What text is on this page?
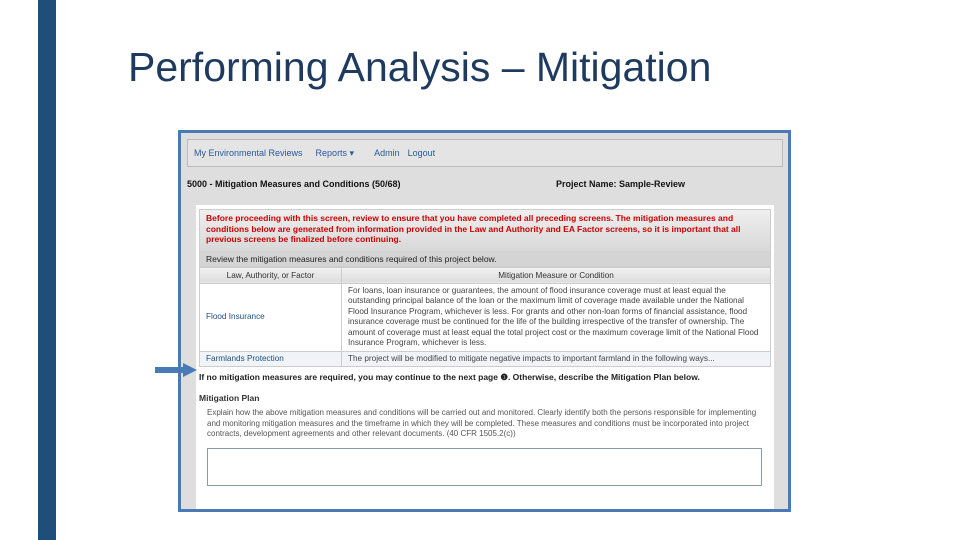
Performing Analysis – Mitigation
My Environmental Reviews Reports ▾ Admin Logout
5000 - Mitigation Measures and Conditions (50/68)	Project Name: Sample-Review
Before proceeding with this screen, review to ensure that you have completed all preceding screens. The mitigation measures and conditions below are generated from information provided in the Law and Authority and EA Factor screens, so it is important that all previous screens be finalized before continuing.
Review the mitigation measures and conditions required of this project below.
Law, Authority, or Factor	Mitigation Measure or Condition
Flood Insurance	For loans, loan insurance or guarantees, the amount of flood insurance coverage must at least equal the outstanding principal balance of the loan or the maximum limit of coverage made available under the National Flood Insurance Program, whichever is less. For grants and other non-loan forms of financial assistance, flood insurance coverage must be continued for the life of the building irrespective of the transfer of ownership. The amount of coverage must at least equal the total project cost or the maximum coverage limit of the National Flood Insurance Program, whichever is less.
Farmlands Protection	The project will be modified to mitigate negative impacts to important farmland in the following ways...
If no mitigation measures are required, you may continue to the next page ❶. Otherwise, describe the Mitigation Plan below.
Mitigation Plan
Explain how the above mitigation measures and conditions will be carried out and monitored. Clearly identify both the persons responsible for implementing and monitoring mitigation measures and the timeframe in which they will be completed. These measures and conditions must be incorporated into project contracts, development agreements and other relevant documents. (40 CFR 1505.2(c))
